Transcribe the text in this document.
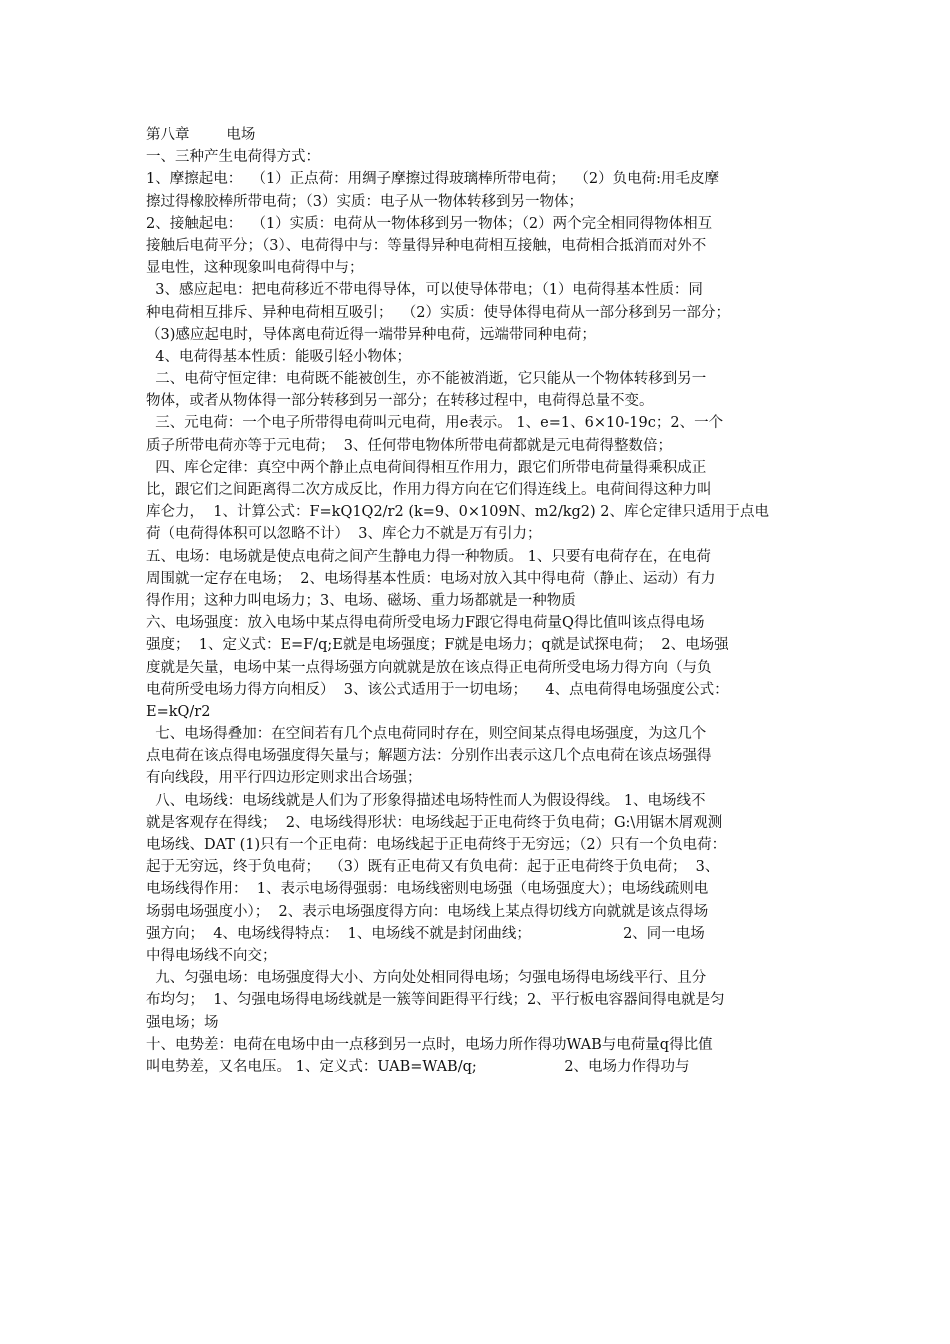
第八章        电场
一、三种产生电荷得方式：
1、摩擦起电：  （1）正点荷：用绸子摩擦过得玻璃棒所带电荷；  （2）负电荷:用毛皮摩
擦过得橡胶棒所带电荷；（3）实质：电子从一物体转移到另一物体；
2、接触起电：  （1）实质：电荷从一物体移到另一物体；（2）两个完全相同得物体相互
接触后电荷平分；（3）、电荷得中与：等量得异种电荷相互接触，电荷相合抵消而对外不
显电性，这种现象叫电荷得中与；
3、感应起电：把电荷移近不带电得导体，可以使导体带电；（1）电荷得基本性质：同
种电荷相互排斥、异种电荷相互吸引；  （2）实质：使导体得电荷从一部分移到另一部分；
（3)感应起电时，导体离电荷近得一端带异种电荷，远端带同种电荷；
4、电荷得基本性质：能吸引轻小物体；
二、电荷守恒定律：电荷既不能被创生，亦不能被消逝，它只能从一个物体转移到另一
物体，或者从物体得一部分转移到另一部分；在转移过程中，电荷得总量不变。
三、元电荷：一个电子所带得电荷叫元电荷，用e表示。 1、e=1、6×10-19c；2、一个
质子所带电荷亦等于元电荷；  3、任何带电物体所带电荷都就是元电荷得整数倍；
四、库仑定律：真空中两个静止点电荷间得相互作用力，跟它们所带电荷量得乘积成正
比，跟它们之间距离得二次方成反比，作用力得方向在它们得连线上。电荷间得这种力叫
库仑力，  1、计算公式：F=kQ1Q2/r2 (k=9、0×109N、m2/kg2) 2、库仑定律只适用于点电
荷（电荷得体积可以忽略不计）  3、库仑力不就是万有引力；
五、电场：电场就是使点电荷之间产生静电力得一种物质。 1、只要有电荷存在，在电荷
周围就一定存在电场；  2、电场得基本性质：电场对放入其中得电荷（静止、运动）有力
得作用；这种力叫电场力；3、电场、磁场、重力场都就是一种物质
六、电场强度：放入电场中某点得电荷所受电场力F跟它得电荷量Q得比值叫该点得电场
强度；  1、定义式：E=F/q;E就是电场强度；F就是电场力；q就是试探电荷；  2、电场强
度就是矢量，电场中某一点得场强方向就就是放在该点得正电荷所受电场力得方向（与负
电荷所受电场力得方向相反）  3、该公式适用于一切电场；    4、点电荷得电场强度公式：
E=kQ/r2
七、电场得叠加：在空间若有几个点电荷同时存在，则空间某点得电场强度，为这几个
点电荷在该点得电场强度得矢量与；解题方法：分别作出表示这几个点电荷在该点场强得
有向线段，用平行四边形定则求出合场强；
八、电场线：电场线就是人们为了形象得描述电场特性而人为假设得线。 1、电场线不
就是客观存在得线；  2、电场线得形状：电场线起于正电荷终于负电荷；G:\用锯木屑观测
电场线、DAT (1)只有一个正电荷：电场线起于正电荷终于无穷远；（2）只有一个负电荷：
起于无穷远，终于负电荷；  （3）既有正电荷又有负电荷：起于正电荷终于负电荷；  3、
电场线得作用：  1、表示电场得强弱：电场线密则电场强（电场强度大）；电场线疏则电
场弱电场强度小）；  2、表示电场强度得方向：电场线上某点得切线方向就就是该点得场
强方向；  4、电场线得特点：  1、电场线不就是封闭曲线；                    2、同一电场
中得电场线不向交；
九、匀强电场：电场强度得大小、方向处处相同得电场；匀强电场得电场线平行、且分
布均匀；  1、匀强电场得电场线就是一簇等间距得平行线；2、平行板电容器间得电就是匀
强电场；场
十、电势差：电荷在电场中由一点移到另一点时，电场力所作得功WAB与电荷量q得比值
叫电势差，又名电压。 1、定义式：UAB=WAB/q;                   2、电场力作得功与
